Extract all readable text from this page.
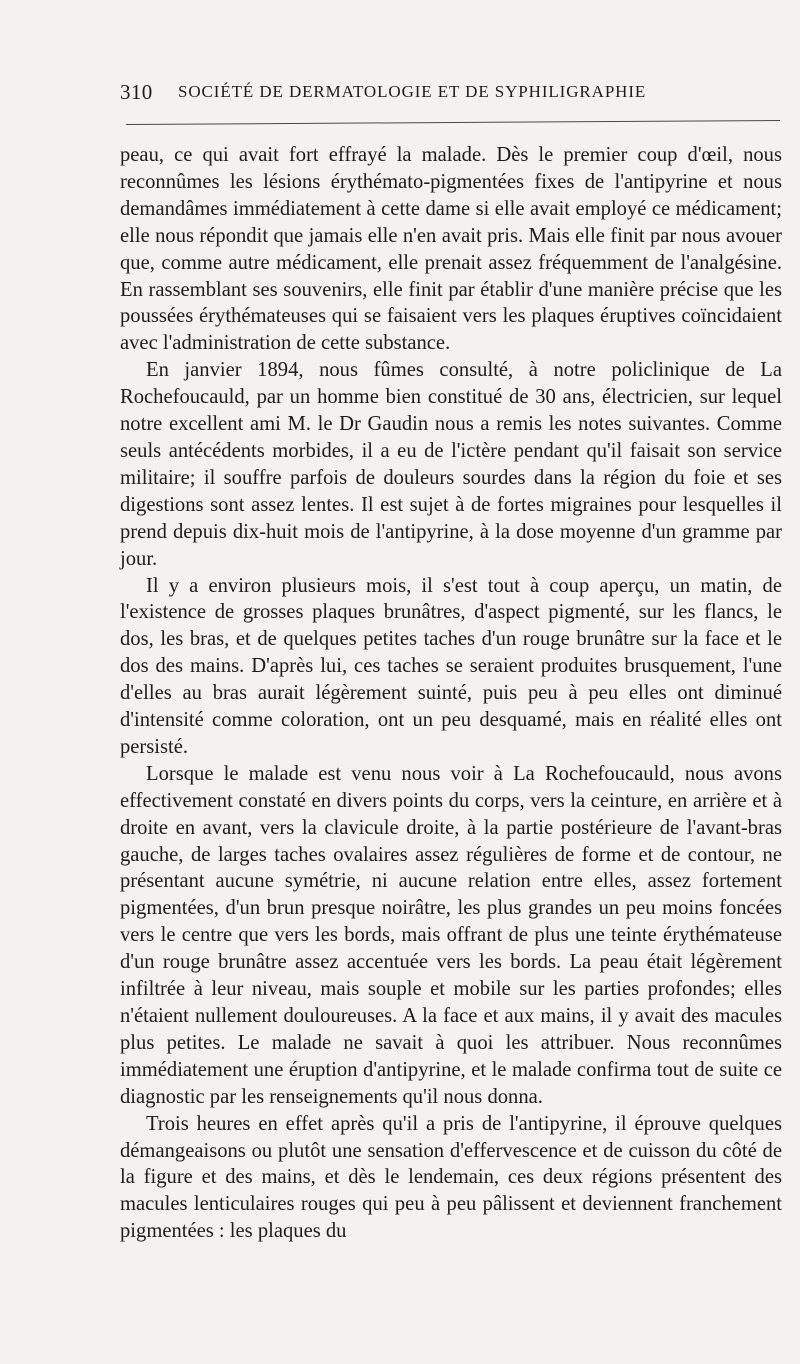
310 SOCIÉTÉ DE DERMATOLOGIE ET DE SYPHILIGRAPHIE

peau, ce qui avait fort effrayé la malade. Dès le premier coup d'œil, nous reconnûmes les lésions érythémato-pigmentées fixes de l'antipyrine et nous demandâmes immédiatement à cette dame si elle avait employé ce médicament; elle nous répondit que jamais elle n'en avait pris. Mais elle finit par nous avouer que, comme autre médicament, elle prenait assez fréquemment de l'analgésine. En rassemblant ses souvenirs, elle finit par établir d'une manière précise que les poussées érythémateuses qui se faisaient vers les plaques éruptives coïncidaient avec l'administration de cette substance.

En janvier 1894, nous fûmes consulté, à notre policlinique de La Rochefoucauld, par un homme bien constitué de 30 ans, électricien, sur lequel notre excellent ami M. le Dr Gaudin nous a remis les notes suivantes. Comme seuls antécédents morbides, il a eu de l'ictère pendant qu'il faisait son service militaire; il souffre parfois de douleurs sourdes dans la région du foie et ses digestions sont assez lentes. Il est sujet à de fortes migraines pour lesquelles il prend depuis dix-huit mois de l'antipyrine, à la dose moyenne d'un gramme par jour.

Il y a environ plusieurs mois, il s'est tout à coup aperçu, un matin, de l'existence de grosses plaques brunâtres, d'aspect pigmenté, sur les flancs, le dos, les bras, et de quelques petites taches d'un rouge brunâtre sur la face et le dos des mains. D'après lui, ces taches se seraient produites brusquement, l'une d'elles au bras aurait légèrement suinté, puis peu à peu elles ont diminué d'intensité comme coloration, ont un peu desquamé, mais en réalité elles ont persisté.

Lorsque le malade est venu nous voir à La Rochefoucauld, nous avons effectivement constaté en divers points du corps, vers la ceinture, en arrière et à droite en avant, vers la clavicule droite, à la partie postérieure de l'avant-bras gauche, de larges taches ovalaires assez régulières de forme et de contour, ne présentant aucune symétrie, ni aucune relation entre elles, assez fortement pigmentées, d'un brun presque noirâtre, les plus grandes un peu moins foncées vers le centre que vers les bords, mais offrant de plus une teinte érythémateuse d'un rouge brunâtre assez accentuée vers les bords. La peau était légèrement infiltrée à leur niveau, mais souple et mobile sur les parties profondes; elles n'étaient nullement douloureuses. A la face et aux mains, il y avait des macules plus petites. Le malade ne savait à quoi les attribuer. Nous reconnûmes immédiatement une éruption d'antipyrine, et le malade confirma tout de suite ce diagnostic par les renseignements qu'il nous donna.

Trois heures en effet après qu'il a pris de l'antipyrine, il éprouve quelques démangeaisons ou plutôt une sensation d'effervescence et de cuisson du côté de la figure et des mains, et dès le lendemain, ces deux régions présentent des macules lenticulaires rouges qui peu à peu pâlissent et deviennent franchement pigmentées : les plaques du
